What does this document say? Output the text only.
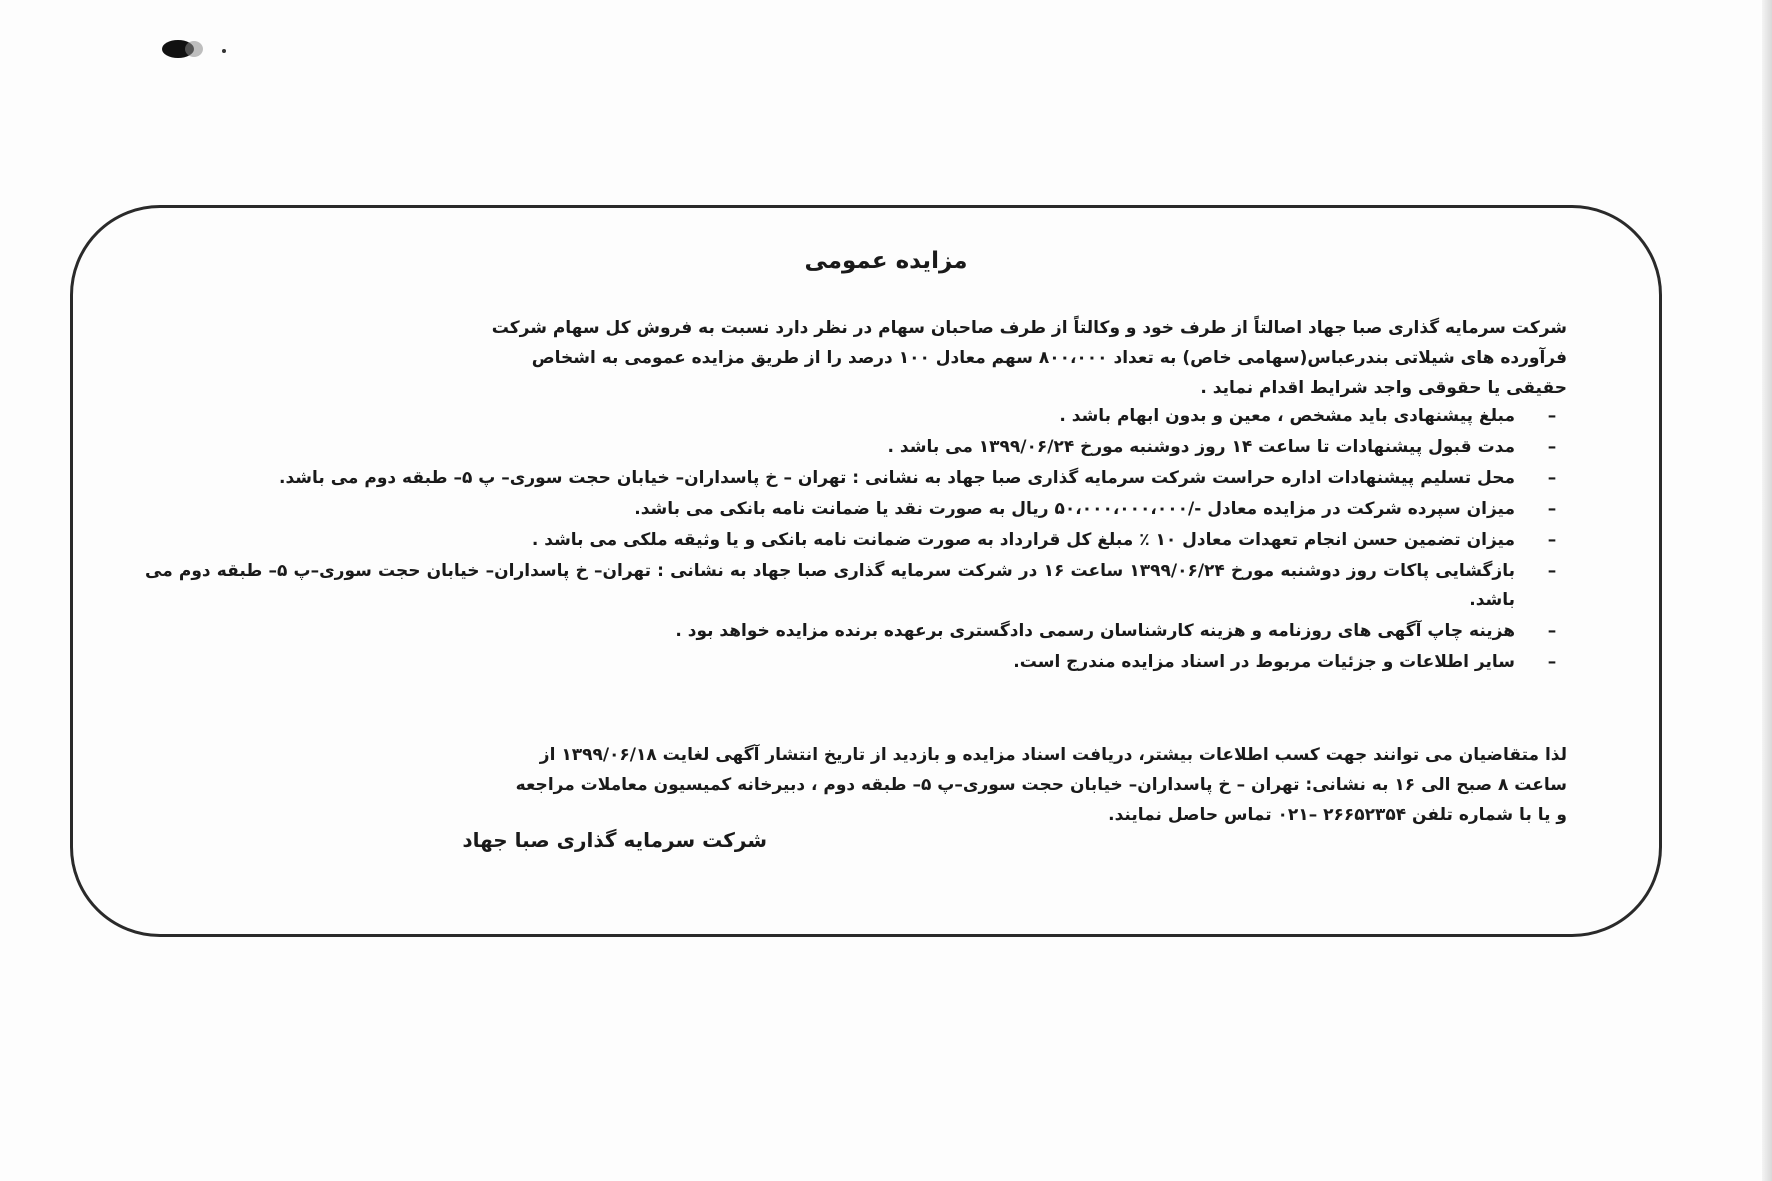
مزایده عمومی

شرکت سرمایه گذاری صبا جهاد اصالتاً از طرف خود و وکالتاً از طرف صاحبان سهام در نظر دارد نسبت به فروش کل سهام شرکت

فرآورده های شیلاتی بندرعباس(سهامی خاص) به تعداد ۸۰۰،۰۰۰ سهم معادل ۱۰۰ درصد را از طریق مزایده عمومی به اشخاص

حقیقی یا حقوقی واجد شرایط اقدام نماید .

–
مبلغ پیشنهادی باید مشخص ، معین و بدون ابهام باشد .
–
مدت قبول پیشنهادات تا ساعت ۱۴ روز دوشنبه مورخ ۱۳۹۹/۰۶/۲۴ می باشد .
–
محل تسلیم پیشنهادات اداره حراست شرکت سرمایه گذاری صبا جهاد به نشانی : تهران – خ پاسداران– خیابان حجت سوری– پ ۵– طبقه دوم می باشد.
–
میزان سپرده شرکت در مزایده معادل -/۵۰،۰۰۰،۰۰۰،۰۰۰ ریال به صورت نقد یا ضمانت نامه بانکی می باشد.
–
میزان تضمین حسن انجام تعهدات معادل ۱۰ ٪ مبلغ کل قرارداد به صورت ضمانت نامه بانکی و یا وثیقه ملکی می باشد .
–
بازگشایی پاکات روز دوشنبه مورخ ۱۳۹۹/۰۶/۲۴ ساعت ۱۶ در شرکت سرمایه گذاری صبا جهاد به نشانی : تهران– خ پاسداران– خیابان حجت سوری–پ ۵– طبقه دوم می باشد.
–
هزینه چاپ آگهی های روزنامه و هزینه کارشناسان رسمی دادگستری برعهده برنده مزایده خواهد بود .
–
سایر اطلاعات و جزئیات مربوط در اسناد مزایده مندرج است.

لذا متقاضیان می توانند جهت کسب اطلاعات بیشتر، دریافت اسناد مزایده و بازدید از تاریخ انتشار آگهی لغایت ۱۳۹۹/۰۶/۱۸ از

ساعت ۸ صبح الی ۱۶ به نشانی: تهران – خ پاسداران– خیابان حجت سوری–پ ۵– طبقه دوم ، دبیرخانه کمیسیون معاملات مراجعه

و یا با شماره تلفن ۲۶۶۵۲۳۵۴ –۰۲۱ تماس حاصل نمایند.

شرکت سرمایه گذاری صبا جهاد
